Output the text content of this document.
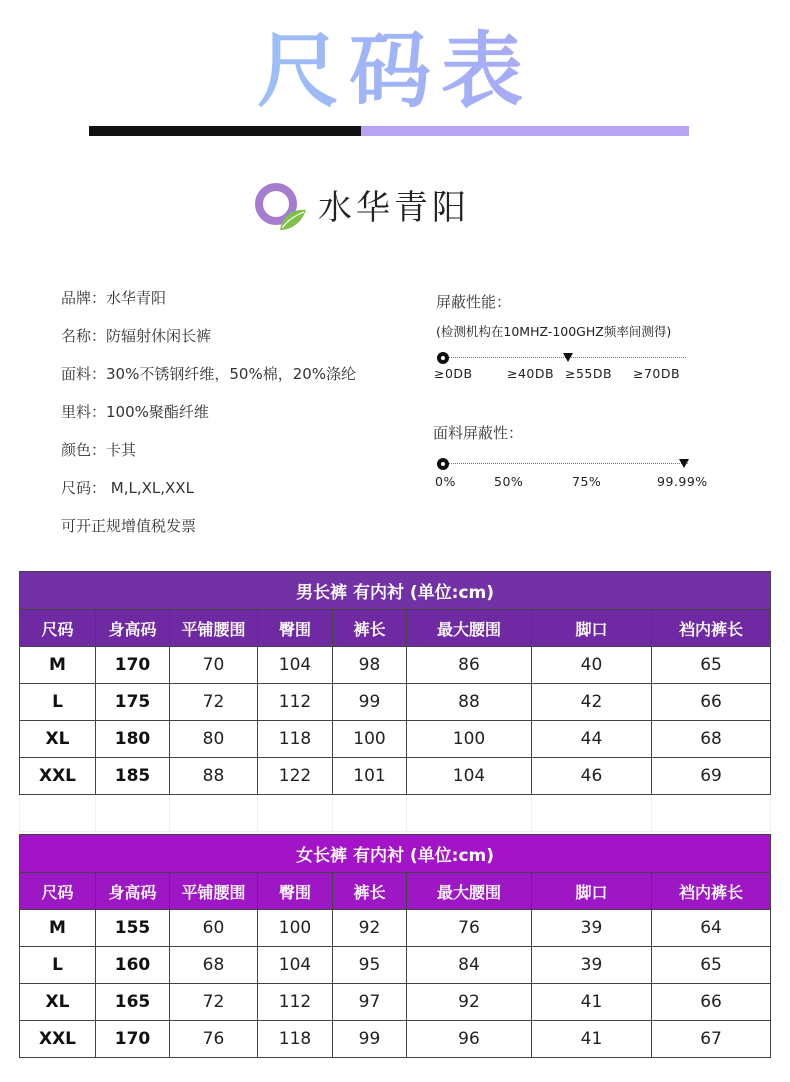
尺码表
水华青阳
品牌：水华青阳
名称：防辐射休闲长裤
面料：30%不锈钢纤维，50%棉，20%涤纶
里料：100%聚酯纤维
颜色：卡其
尺码： M,L,XL,XXL
可开正规增值税发票
屏蔽性能：
(检测机构在10MHZ-100GHZ频率间测得)
≥0DB	≥40DB ≥55DB ≥70DB
面料屏蔽性：
0%	50%	75%	99.99%
男长裤 有内衬 (单位:cm)							
尺码	身高码	平铺腰围	臀围	裤长	最大腰围	脚口	裆内裤长
M	170	70	104	98	86	40	65
L	175	72	112	99	88	42	66
XL	180	80	118	100	100	44	68
XXL	185	88	122	101	104	46	69

女长裤 有内衬 (单位:cm)							
尺码	身高码	平铺腰围	臀围	裤长	最大腰围	脚口	裆内裤长
M	155	60	100	92	76	39	64
L	160	68	104	95	84	39	65
XL	165	72	112	97	92	41	66
XXL	170	76	118	99	96	41	67
